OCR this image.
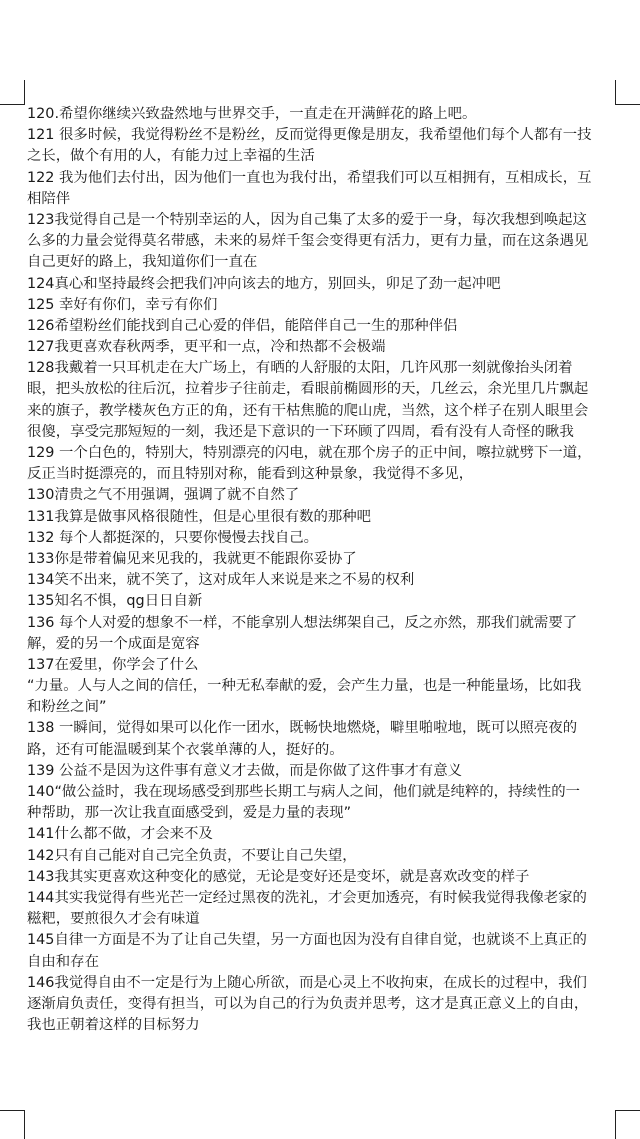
120.希望你继续兴致盎然地与世界交手，一直走在开满鲜花的路上吧。
121 很多时候，我觉得粉丝不是粉丝，反而觉得更像是朋友，我希望他们每个人都有一技
之长，做个有用的人，有能力过上幸福的生活
122 我为他们去付出，因为他们一直也为我付出，希望我们可以互相拥有，互相成长，互
相陪伴
123我觉得自己是一个特别幸运的人，因为自己集了太多的爱于一身，每次我想到唤起这
么多的力量会觉得莫名带感，未来的易烊千玺会变得更有活力，更有力量，而在这条遇见
自己更好的路上，我知道你们一直在
124真心和坚持最终会把我们冲向该去的地方，别回头，卯足了劲一起冲吧
125 幸好有你们，幸亏有你们
126希望粉丝们能找到自己心爱的伴侣，能陪伴自己一生的那种伴侣
127我更喜欢春秋两季，更平和一点，冷和热都不会极端
128我戴着一只耳机走在大广场上，有晒的人舒服的太阳，几许风那一刻就像抬头闭着
眼，把头放松的往后沉，拉着步子往前走，看眼前椭圆形的天，几丝云，余光里几片飘起
来的旗子，教学楼灰色方正的角，还有干枯焦脆的爬山虎，当然，这个样子在别人眼里会
很傻，享受完那短短的一刻，我还是下意识的一下环顾了四周，看有没有人奇怪的瞅我
129 一个白色的，特别大，特别漂亮的闪电，就在那个房子的正中间，嚓拉就劈下一道，
反正当时挺漂亮的，而且特别对称，能看到这种景象，我觉得不多见，
130清贵之气不用强调，强调了就不自然了
131我算是做事风格很随性，但是心里很有数的那种吧
132 每个人都挺深的，只要你慢慢去找自己。
133你是带着偏见来见我的，我就更不能跟你妥协了
134笑不出来，就不笑了，这对成年人来说是来之不易的权利
135知名不惧，qg日日自新
136 每个人对爱的想象不一样，不能拿别人想法绑架自己，反之亦然，那我们就需要了
解，爱的另一个成面是宽容
137在爱里，你学会了什么
“力量。人与人之间的信任，一种无私奉献的爱，会产生力量，也是一种能量场，比如我
和粉丝之间”
138 一瞬间，觉得如果可以化作一团水，既畅快地燃烧，噼里啪啦地，既可以照亮夜的
路，还有可能温暖到某个衣裳单薄的人，挺好的。
139 公益不是因为这件事有意义才去做，而是你做了这件事才有意义
140“做公益时，我在现场感受到那些长期工与病人之间，他们就是纯粹的，持续性的一
种帮助，那一次让我直面感受到，爱是力量的表现”
141什么都不做，才会来不及
142只有自己能对自己完全负责，不要让自己失望，
143我其实更喜欢这种变化的感觉，无论是变好还是变坏，就是喜欢改变的样子
144其实我觉得有些光芒一定经过黑夜的洗礼，才会更加透亮，有时候我觉得我像老家的
糍粑，要煎很久才会有味道
145自律一方面是不为了让自己失望，另一方面也因为没有自律自觉，也就谈不上真正的
自由和存在
146我觉得自由不一定是行为上随心所欲，而是心灵上不收拘束，在成长的过程中，我们
逐渐肩负责任，变得有担当，可以为自己的行为负责并思考，这才是真正意义上的自由，
我也正朝着这样的目标努力
